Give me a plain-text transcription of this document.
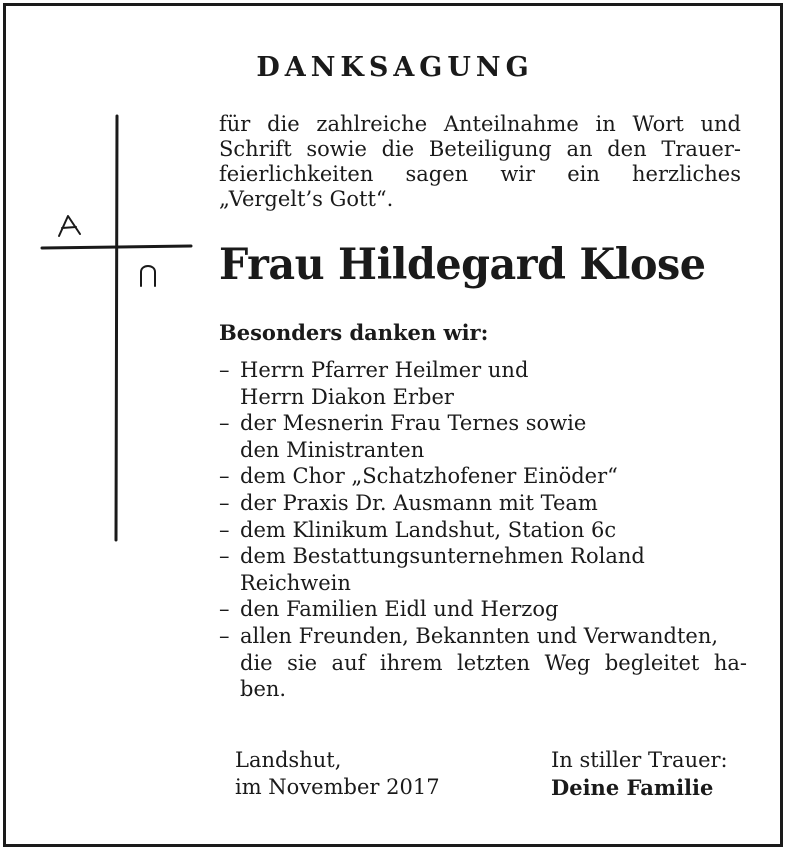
DANKSAGUNG
für die zahlreiche Anteilnahme in Wort und
Schrift sowie die Beteiligung an den Trauer-
feierlichkeiten sagen wir ein herzliches
„Vergelt’s Gott“.
Frau Hildegard Klose
Besonders danken wir:
– Herrn Pfarrer Heilmer und
Herrn Diakon Erber
– der Mesnerin Frau Ternes sowie
den Ministranten
– dem Chor „Schatzhofener Einöder“
– der Praxis Dr. Ausmann mit Team
– dem Klinikum Landshut, Station 6c
– dem Bestattungsunternehmen Roland
Reichwein
– den Familien Eidl und Herzog
– allen Freunden, Bekannten und Verwandten,
die sie auf ihrem letzten Weg begleitet ha-
ben.
Landshut,
im November 2017
In stiller Trauer:
Deine Familie
